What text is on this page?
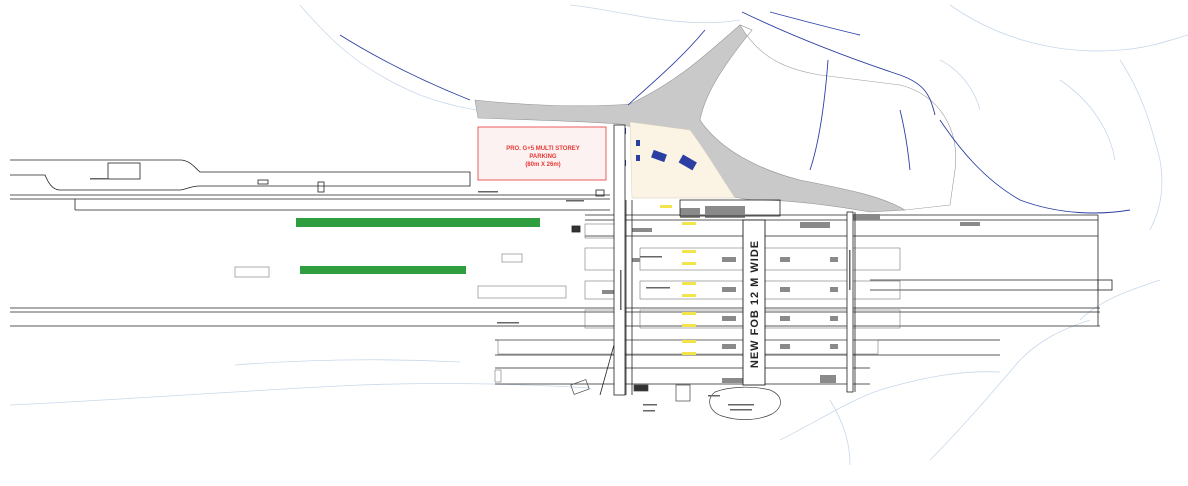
PRO. G+5 MULTI STOREY
PARKING
(80m X 26m)
NEW FOB 12 M WIDE
